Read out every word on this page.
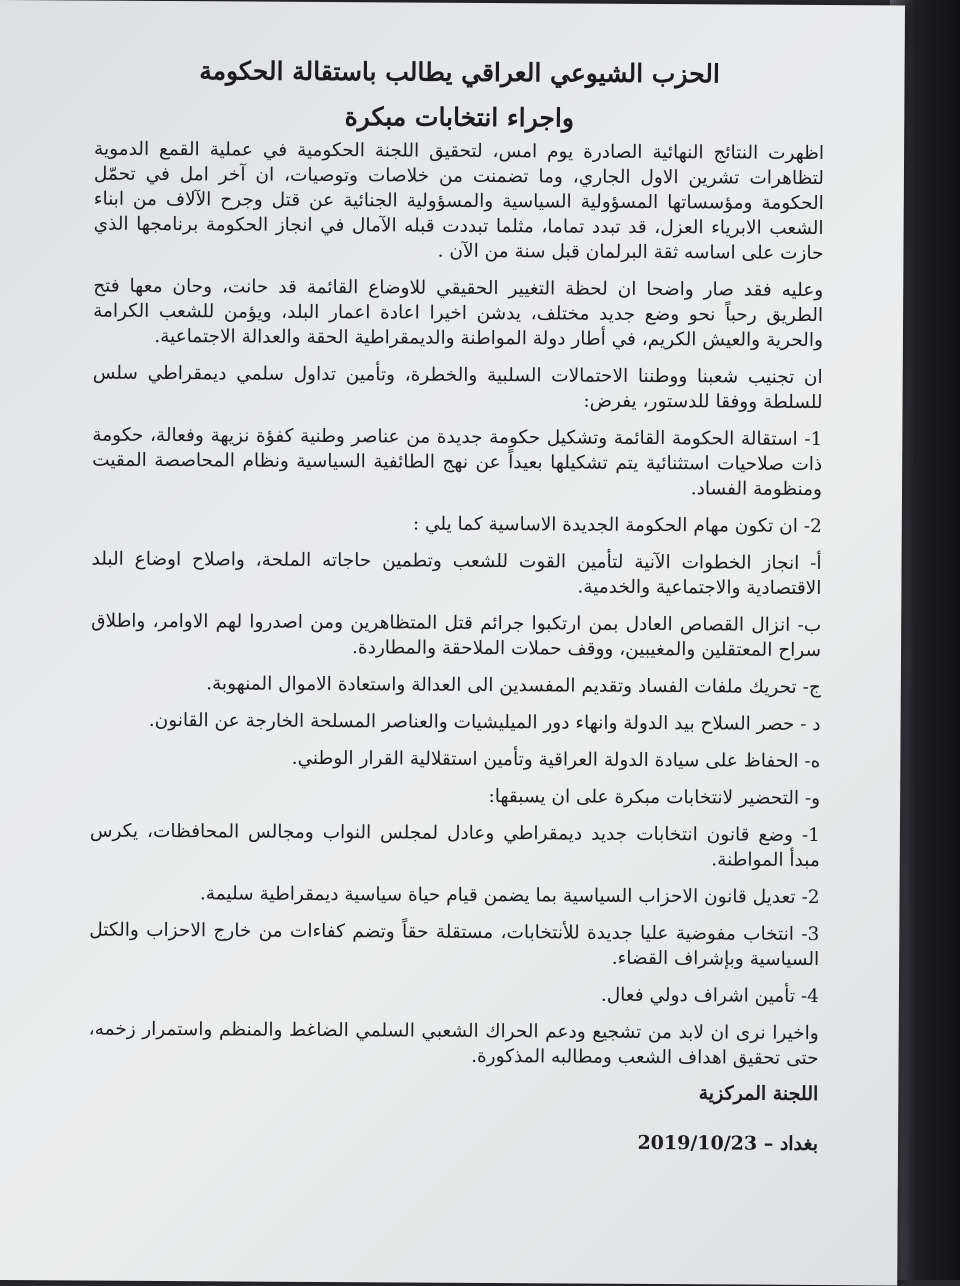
الحزب الشيوعي العراقي يطالب باستقالة الحكومة
واجراء انتخابات مبكرة

اظهرت النتائج النهائية الصادرة يوم امس، لتحقيق اللجنة الحكومية في عملية القمع الدموية لتظاهرات تشرين الاول الجاري، وما تضمنت من خلاصات وتوصيات، ان آخر امل في تحمّل الحكومة ومؤسساتها المسؤولية السياسية والمسؤولية الجنائية عن قتل وجرح الآلاف من ابناء الشعب الابرياء العزل، قد تبدد تماما، مثلما تبددت قبله الآمال في انجاز الحكومة برنامجها الذي حازت على اساسه ثقة البرلمان قبل سنة من الآن .

وعليه فقد صار واضحا ان لحظة التغيير الحقيقي للاوضاع القائمة قد حانت، وحان معها فتح الطريق رحباً نحو وضع جديد مختلف، يدشن اخيرا اعادة اعمار البلد، ويؤمن للشعب الكرامة والحرية والعيش الكريم، في أطار دولة المواطنة والديمقراطية الحقة والعدالة الاجتماعية.

ان تجنيب شعبنا ووطننا الاحتمالات السلبية والخطرة، وتأمين تداول سلمي ديمقراطي سلس للسلطة ووفقا للدستور، يفرض:

1- استقالة الحكومة القائمة وتشكيل حكومة جديدة من عناصر وطنية كفؤة نزيهة وفعالة، حكومة ذات صلاحيات استثنائية يتم تشكيلها بعيداً عن نهج الطائفية السياسية ونظام المحاصصة المقيت ومنظومة الفساد.

2- ان تكون مهام الحكومة الجديدة الاساسية كما يلي :

أ- انجاز الخطوات الآنية لتأمين القوت للشعب وتطمين حاجاته الملحة، واصلاح اوضاع البلد الاقتصادية والاجتماعية والخدمية.

ب- انزال القصاص العادل بمن ارتكبوا جرائم قتل المتظاهرين ومن اصدروا لهم الاوامر، واطلاق سراح المعتقلين والمغيبين، ووقف حملات الملاحقة والمطاردة.

ج- تحريك ملفات الفساد وتقديم المفسدين الى العدالة واستعادة الاموال المنهوبة.

د - حصر السلاح بيد الدولة وانهاء دور الميليشيات والعناصر المسلحة الخارجة عن القانون.

ه- الحفاظ على سيادة الدولة العراقية وتأمين استقلالية القرار الوطني.

و- التحضير لانتخابات مبكرة على ان يسبقها:

1- وضع قانون انتخابات جديد ديمقراطي وعادل لمجلس النواب ومجالس المحافظات، يكرس مبدأ المواطنة.

2- تعديل قانون الاحزاب السياسية بما يضمن قيام حياة سياسية ديمقراطية سليمة.

3- انتخاب مفوضية عليا جديدة للأنتخابات، مستقلة حقاً وتضم كفاءات من خارج الاحزاب والكتل السياسية وبإشراف القضاء.

4- تأمين اشراف دولي فعال.

واخيرا نرى ان لابد من تشجيع ودعم الحراك الشعبي السلمي الضاغط والمنظم واستمرار زخمه، حتى تحقيق اهداف الشعب ومطالبه المذكورة.

اللجنة المركزية
بغداد – 2019/10/23
